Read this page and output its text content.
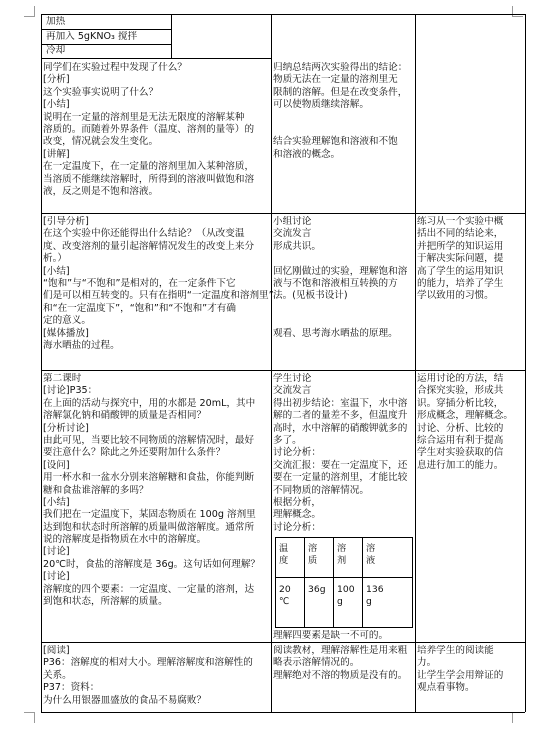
加热
再加入 5gKNO₃ 搅拌
冷却
同学们在实验过程中发现了什么？
[分析]
这个实验事实说明了什么？
[小结]
说明在一定量的溶剂里是无法无限度的溶解某种
溶质的。而随着外界条件（温度、溶剂的量等）的
改变，情况就会发生变化。
[讲解]
在一定温度下，在一定量的溶剂里加入某种溶质，
当溶质不能继续溶解时，所得到的溶液叫做饱和溶
液，反之则是不饱和溶液。
归纳总结两次实验得出的结论：
物质无法在一定量的溶剂里无
限制的溶解。但是在改变条件，
可以使物质继续溶解。
结合实验理解饱和溶液和不饱
和溶液的概念。
[引导分析]
在这个实验中你还能得出什么结论？（从改变温
度、改变溶剂的量引起溶解情况发生的改变上来分
析。）
[小结]
“饱和”与“不饱和”是相对的，在一定条件下它
们是可以相互转变的。只有在指明“一定温度和溶剂里”
和“在一定温度下”，“饱和”和“不饱和”才有确
定的意义。
[媒体播放]
海水晒盐的过程。
小组讨论
交流发言
形成共识。
回忆刚做过的实验，理解饱和溶
液与不饱和溶液相互转换的方
法。(见板书设计)
观看、思考海水晒盐的原理。
练习从一个实验中概
括出不同的结论来，
并把所学的知识运用
于解决实际问题，提
高了学生的运用知识
的能力，培养了学生
学以致用的习惯。
第二课时
[讨论]P35：
在上面的活动与探究中，用的水都是 20mL，其中
溶解氯化钠和硝酸钾的质量是否相同？
[分析讨论]
由此可见，当要比较不同物质的溶解情况时，最好
要注意什么？除此之外还要附加什么条件？
[设问]
用一杯水和一盆水分别来溶解糖和食盐，你能判断
糖和食盐谁溶解的多吗？
[小结]
我们把在一定温度下，某固态物质在 100g 溶剂里
达到饱和状态时所溶解的质量叫做溶解度。通常所
说的溶解度是指物质在水中的溶解度。
[讨论]
20℃时，食盐的溶解度是 36g。这句话如何理解？
[讨论]
溶解度的四个要素：一定温度、一定量的溶剂，达
到饱和状态，所溶解的质量。
学生讨论
交流发言
得出初步结论：室温下，水中溶
解的二者的量差不多，但温度升
高时，水中溶解的硝酸钾就多的
多了。
讨论分析：
交流汇报：要在一定温度下，还
要在一定量的溶剂里，才能比较
不同物质的溶解情况。
根据分析，
理解概念。
讨论分析：
温
度
溶
质
溶
剂
溶
液
20
℃
36g 100
g
136
g
理解四要素是缺一不可的。
运用讨论的方法，结
合探究实验，形成共
识。穿插分析比较，
形成概念，理解概念。
讨论、分析、比较的
综合运用有利于提高
学生对实验获取的信
息进行加工的能力。
[阅读]
P36：溶解度的相对大小。理解溶解度和溶解性的
关系。
P37：资料：
为什么用银器皿盛放的食品不易腐败？
阅读教材，理解溶解性是用来粗
略表示溶解情况的。
理解绝对不溶的物质是没有的。
培养学生的阅读能
力。
让学生学会用辩证的
观点看事物。
